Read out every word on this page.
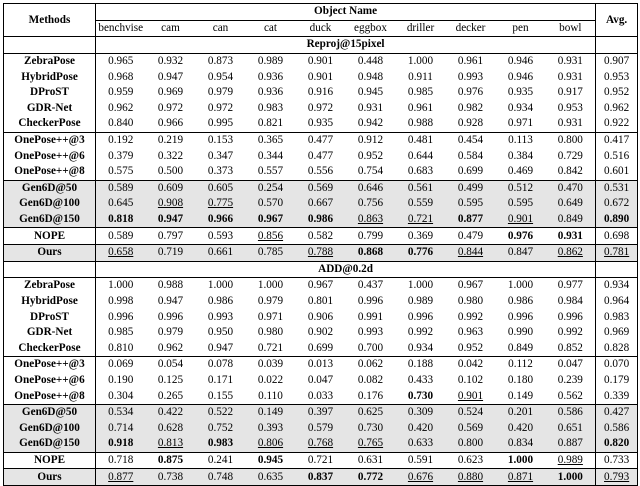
Methods	Object Name										Avg.
	benchvise	cam	can	cat	duck	eggbox	driller	decker	pen	bowl	
	Reproj@15pixel										
ZebraPose	0.965	0.932	0.873	0.989	0.901	0.448	1.000	0.961	0.946	0.931	0.907
HybridPose	0.968	0.947	0.954	0.936	0.901	0.948	0.911	0.993	0.946	0.931	0.953
DProST	0.959	0.969	0.979	0.936	0.916	0.945	0.985	0.976	0.935	0.917	0.952
GDR-Net	0.962	0.972	0.972	0.983	0.972	0.931	0.961	0.982	0.934	0.953	0.962
CheckerPose	0.840	0.966	0.995	0.821	0.935	0.942	0.988	0.928	0.971	0.931	0.922
OnePose++@3	0.192	0.219	0.153	0.365	0.477	0.912	0.481	0.454	0.113	0.800	0.417
OnePose++@6	0.379	0.322	0.347	0.344	0.477	0.952	0.644	0.584	0.384	0.729	0.516
OnePose++@8	0.575	0.500	0.373	0.557	0.556	0.754	0.683	0.699	0.469	0.842	0.601
Gen6D@50	0.589	0.609	0.605	0.254	0.569	0.646	0.561	0.499	0.512	0.470	0.531
Gen6D@100	0.645	0.908	0.775	0.570	0.667	0.756	0.559	0.595	0.595	0.649	0.672
Gen6D@150	0.818	0.947	0.966	0.967	0.986	0.863	0.721	0.877	0.901	0.849	0.890
NOPE	0.589	0.797	0.593	0.856	0.582	0.799	0.369	0.479	0.976	0.931	0.698
Ours	0.658	0.719	0.661	0.785	0.788	0.868	0.776	0.844	0.847	0.862	0.781
	ADD@0.2d										
ZebraPose	1.000	0.988	1.000	1.000	0.967	0.437	1.000	0.967	1.000	0.977	0.934
HybridPose	0.998	0.947	0.986	0.979	0.801	0.996	0.989	0.980	0.986	0.984	0.964
DProST	0.996	0.996	0.993	0.971	0.906	0.991	0.996	0.992	0.996	0.996	0.983
GDR-Net	0.985	0.979	0.950	0.980	0.902	0.993	0.992	0.963	0.990	0.992	0.969
CheckerPose	0.810	0.962	0.947	0.721	0.699	0.700	0.934	0.952	0.849	0.852	0.828
OnePose++@3	0.069	0.054	0.078	0.039	0.013	0.062	0.188	0.042	0.112	0.047	0.070
OnePose++@6	0.190	0.125	0.171	0.022	0.047	0.082	0.433	0.102	0.180	0.239	0.179
OnePose++@8	0.304	0.265	0.155	0.110	0.033	0.176	0.730	0.901	0.149	0.562	0.339
Gen6D@50	0.534	0.422	0.522	0.149	0.397	0.625	0.309	0.524	0.201	0.586	0.427
Gen6D@100	0.714	0.628	0.752	0.393	0.579	0.730	0.420	0.569	0.420	0.651	0.586
Gen6D@150	0.918	0.813	0.983	0.806	0.768	0.765	0.633	0.800	0.834	0.887	0.820
NOPE	0.718	0.875	0.241	0.945	0.721	0.631	0.591	0.623	1.000	0.989	0.733
Ours	0.877	0.738	0.748	0.635	0.837	0.772	0.676	0.880	0.871	1.000	0.793
